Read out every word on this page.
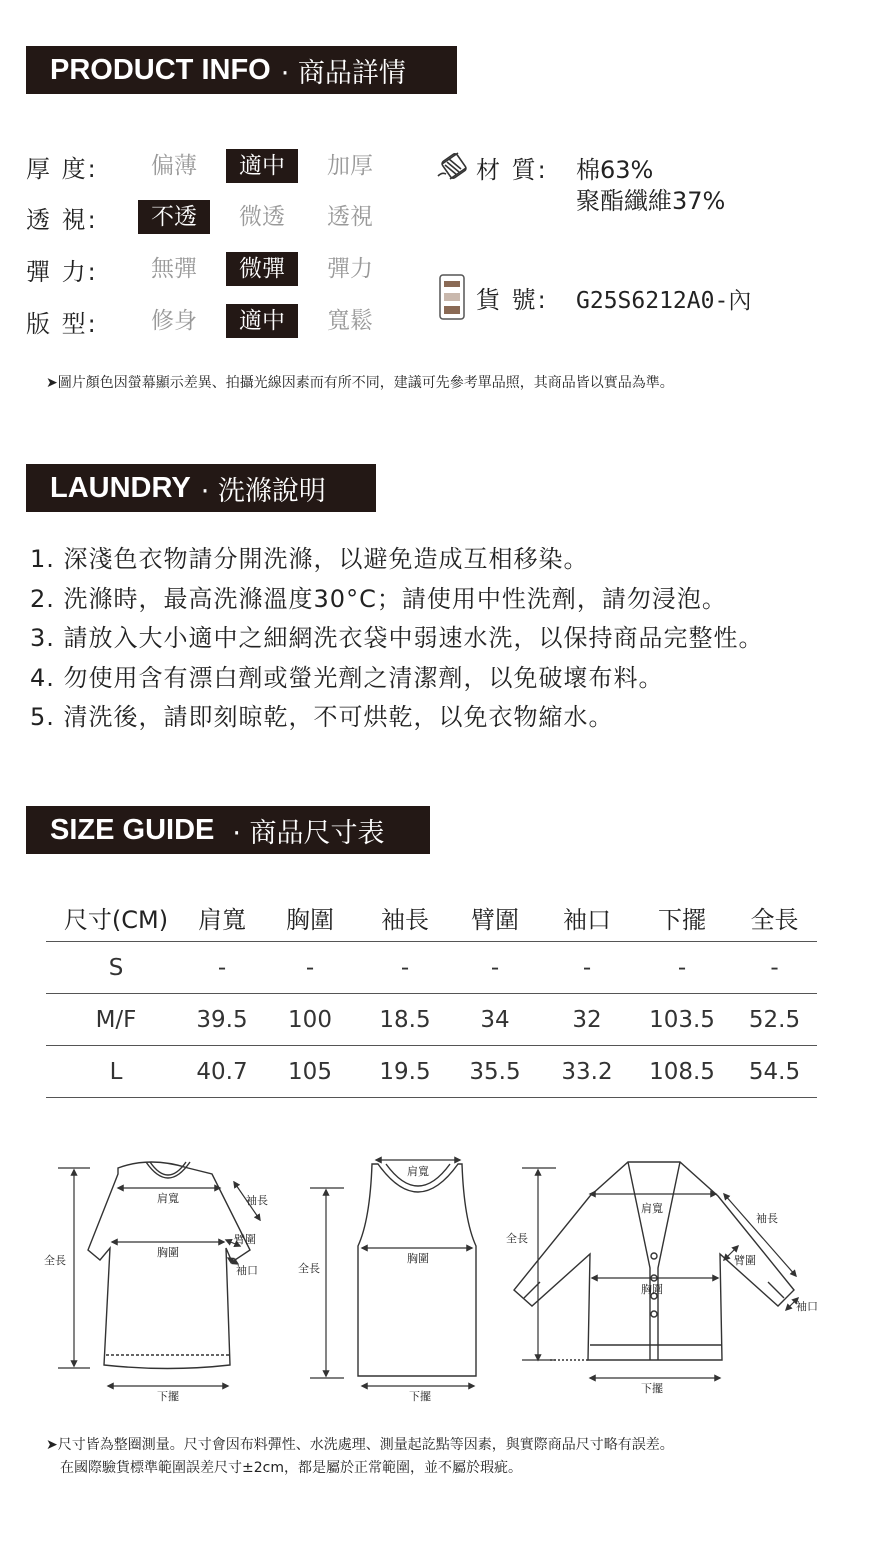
PRODUCT INFO · 商品詳情
厚 度:	偏薄	適中	加厚
透 視:	不透	微透	透視
彈 力:	無彈	微彈	彈力
版 型:	修身	適中	寬鬆
材 質: 棉63%
聚酯纖維37%
貨 號: G25S6212A0-內
➤圖片顏色因螢幕顯示差異、拍攝光線因素而有所不同，建議可先參考單品照，其商品皆以實品為準。
LAUNDRY · 洗滌說明
1. 深淺色衣物請分開洗滌，以避免造成互相移染。
2. 洗滌時，最高洗滌溫度30°C；請使用中性洗劑，請勿浸泡。
3. 請放入大小適中之細網洗衣袋中弱速水洗，以保持商品完整性。
4. 勿使用含有漂白劑或螢光劑之清潔劑，以免破壞布料。
5. 清洗後，請即刻晾乾，不可烘乾，以免衣物縮水。
SIZE GUIDE · 商品尺寸表
尺寸(CM)	肩寬	胸圍	袖長	臂圍	袖口	下擺	全長
S	-	-	-	-	-	-	-
M/F	39.5	100	18.5	34	32	103.5	52.5
L	40.7	105	19.5	35.5	33.2	108.5	54.5
肩寬
胸圍
袖長
臂圍
袖口
全長
下擺
肩寬
胸圍
全長
下擺
肩寬
胸圍
袖長
臂圍
袖口
全長
下擺
➤尺寸皆為整圈測量。尺寸會因布料彈性、水洗處理、測量起訖點等因素，與實際商品尺寸略有誤差。
在國際驗貨標準範圍誤差尺寸±2cm，都是屬於正常範圍，並不屬於瑕疵。
